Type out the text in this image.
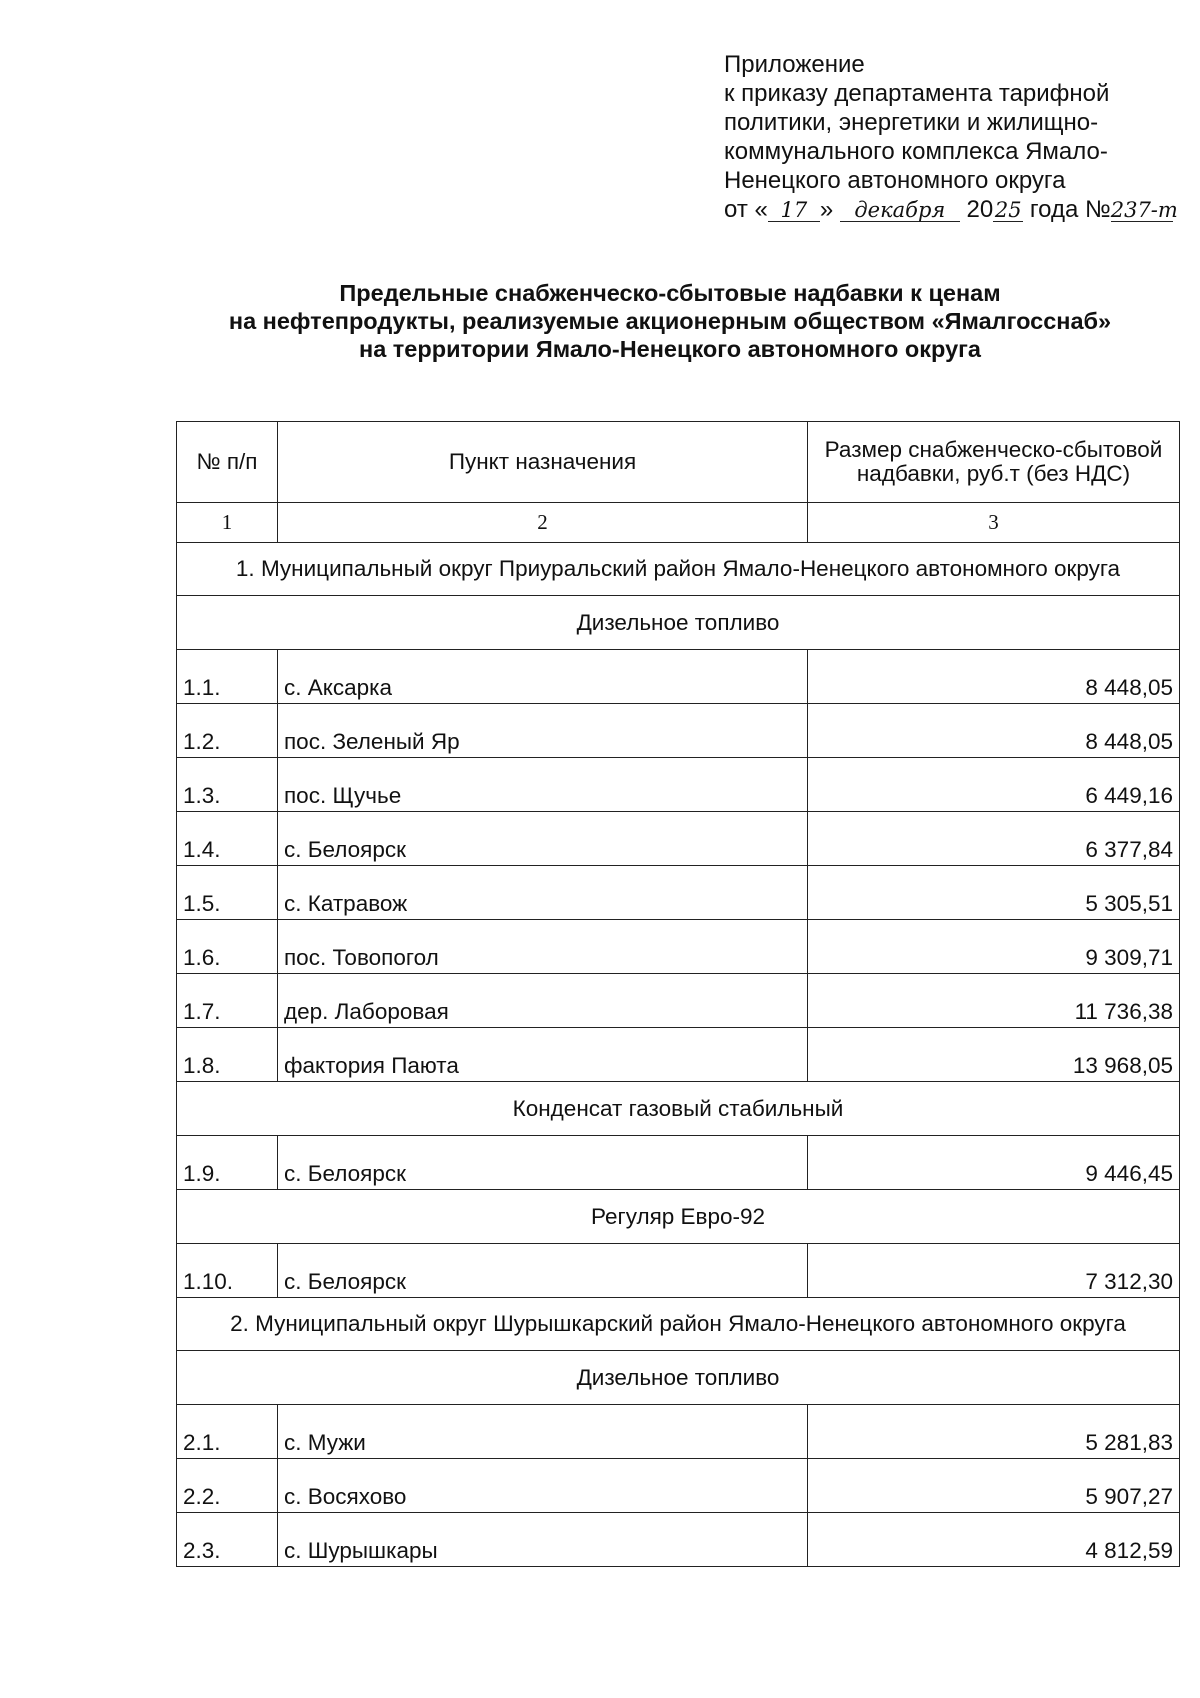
Приложение
к приказу департамента тарифной
политики, энергетики и жилищно-
коммунального комплекса Ямало-
Ненецкого автономного округа
от « 17 » декабря 2025 года №237-т
Предельные снабженческо-сбытовые надбавки к ценам
на нефтепродукты, реализуемые акционерным обществом «Ямалгосснаб»
на территории Ямало-Ненецкого автономного округа
№ п/п	Пункт назначения	Размер снабженческо-сбытовой надбавки, руб.т (без НДС)
1	2	3
1. Муниципальный округ Приуральский район Ямало-Ненецкого автономного округа		
Дизельное топливо		
1.1.	с. Аксарка	8 448,05
1.2.	пос. Зеленый Яр	8 448,05
1.3.	пос. Щучье	6 449,16
1.4.	с. Белоярск	6 377,84
1.5.	с. Катравож	5 305,51
1.6.	пос. Товопогол	9 309,71
1.7.	дер. Лаборовая	11 736,38
1.8.	фактория Паюта	13 968,05
Конденсат газовый стабильный		
1.9.	с. Белоярск	9 446,45
Регуляр Евро-92		
1.10.	с. Белоярск	7 312,30
2. Муниципальный округ Шурышкарский район Ямало-Ненецкого автономного округа		
Дизельное топливо		
2.1.	с. Мужи	5 281,83
2.2.	с. Восяхово	5 907,27
2.3.	с. Шурышкары	4 812,59
